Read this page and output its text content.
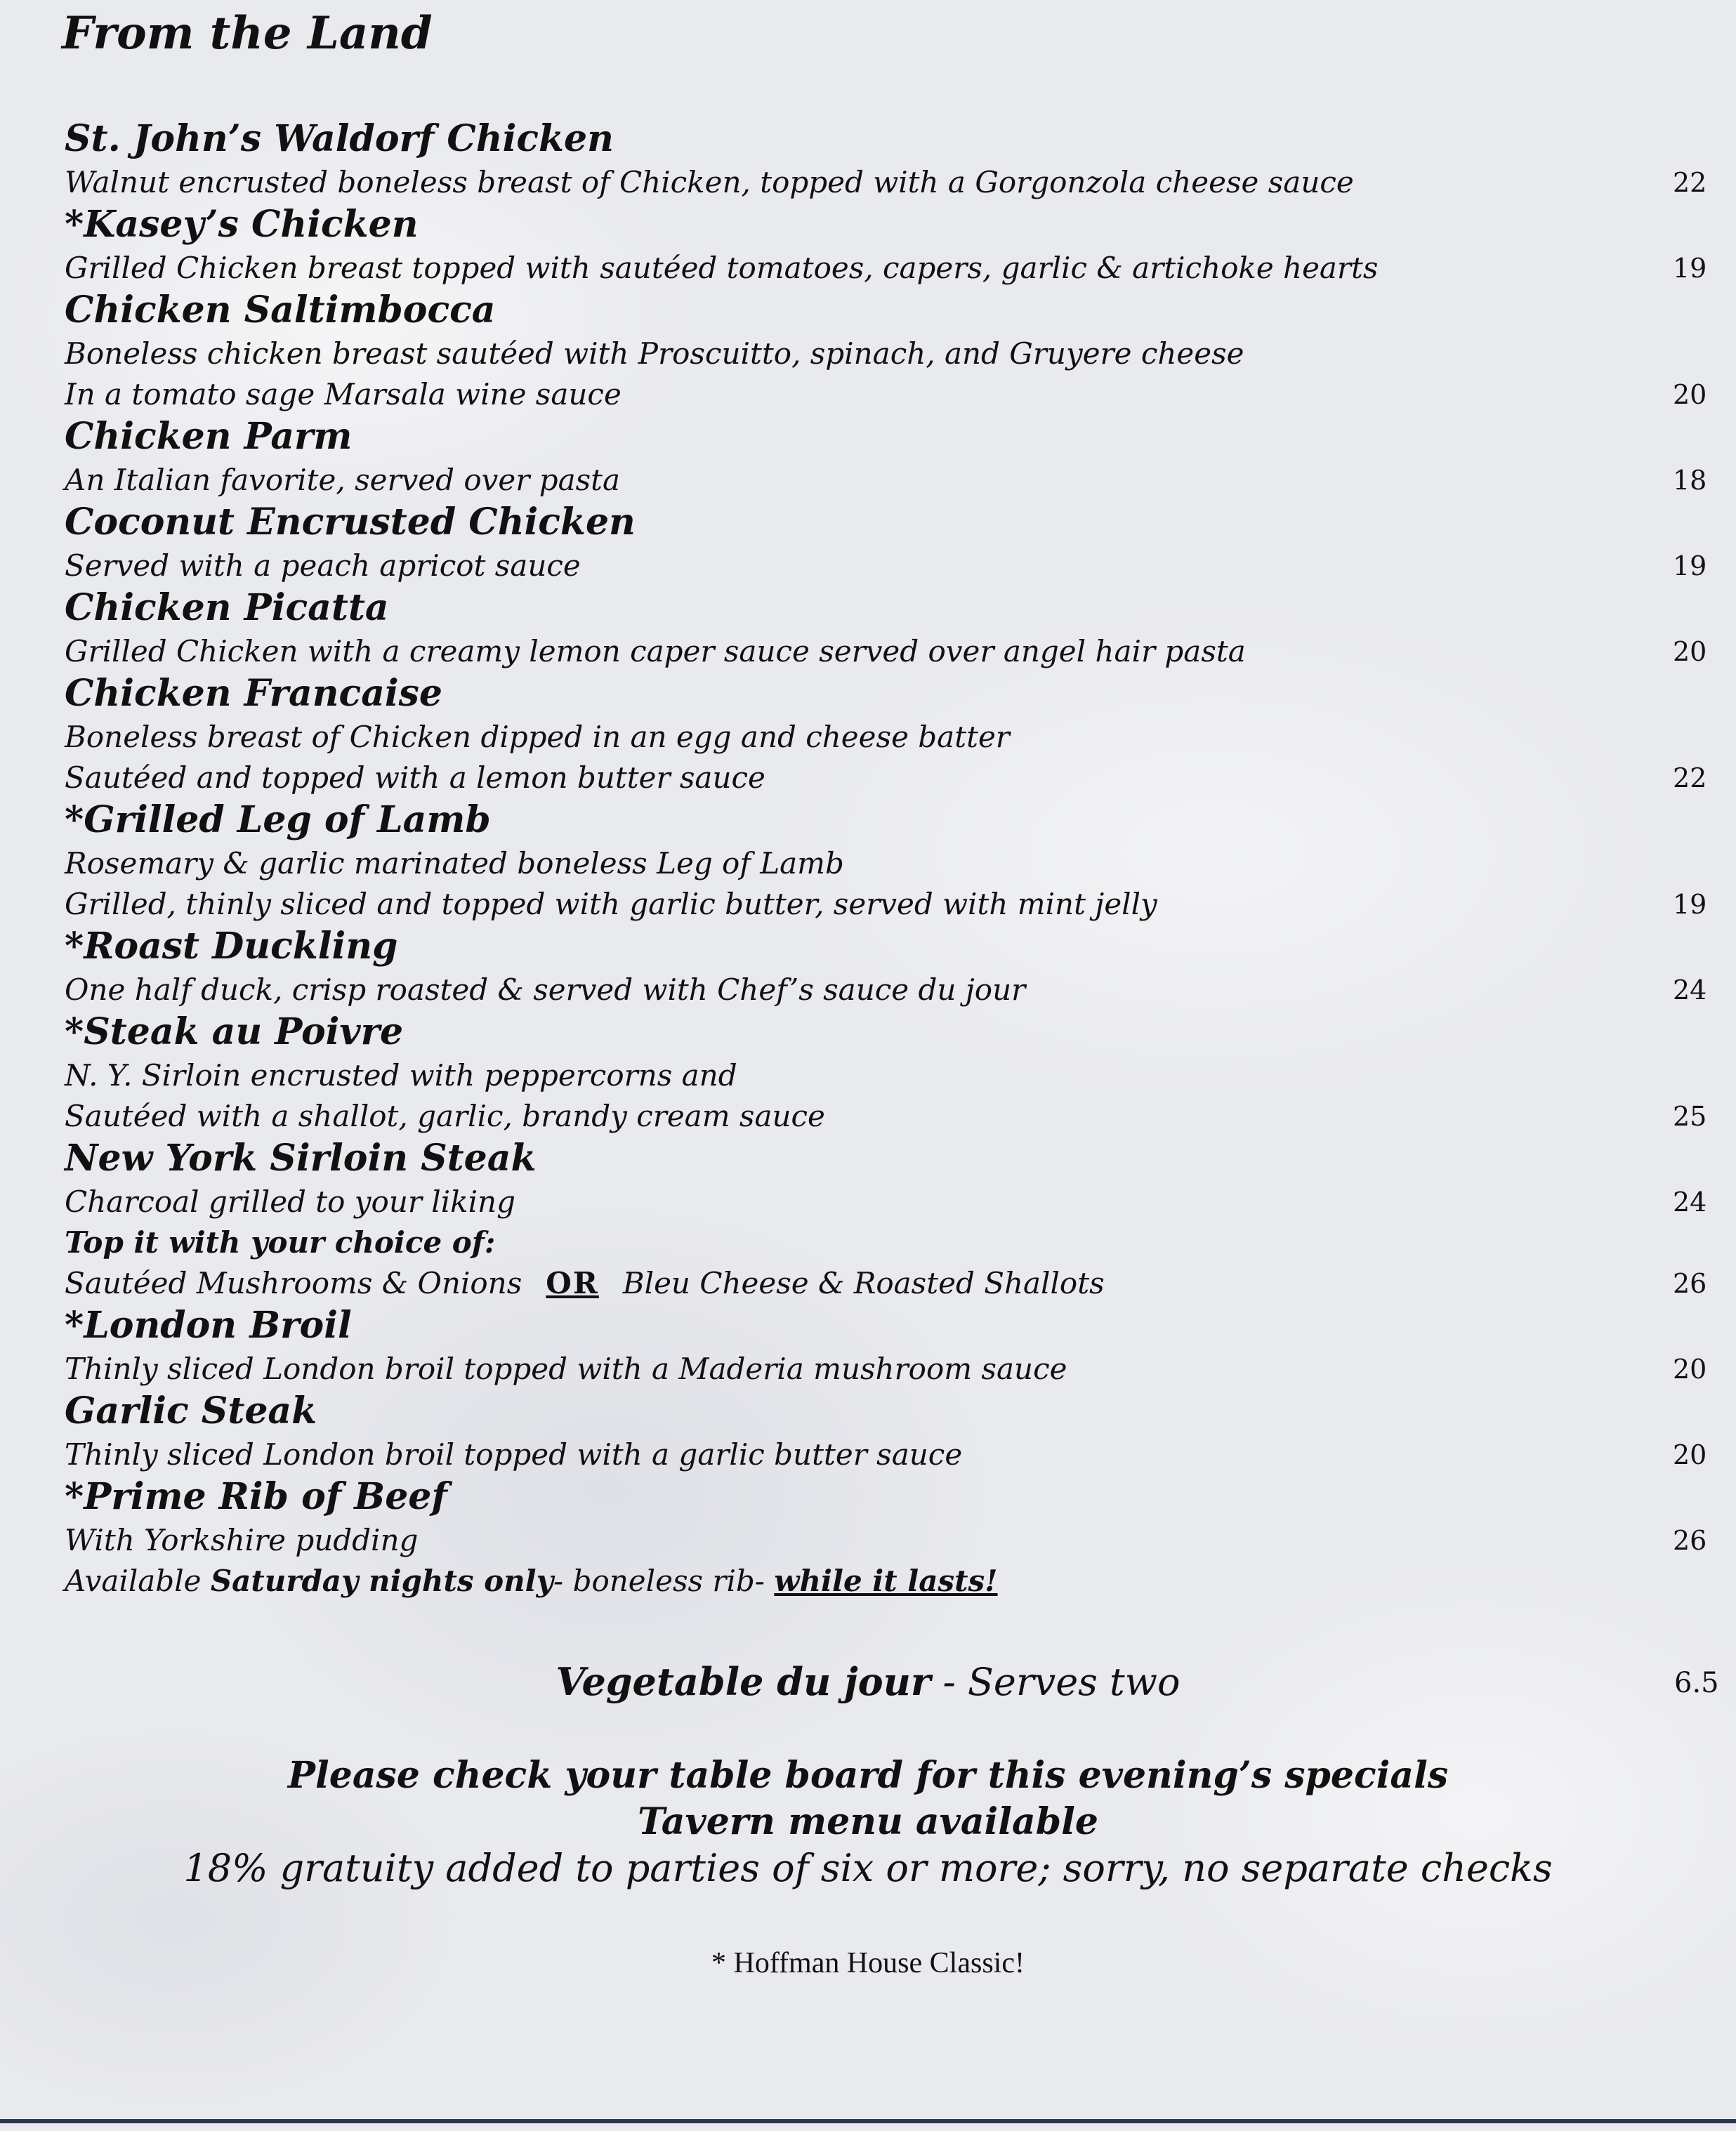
From the Land
St. John’s Waldorf Chicken
Walnut encrusted boneless breast of Chicken, topped with a Gorgonzola cheese sauce	22
*Kasey’s Chicken
Grilled Chicken breast topped with sautéed tomatoes, capers, garlic & artichoke hearts	19
Chicken Saltimbocca
Boneless chicken breast sautéed with Proscuitto, spinach, and Gruyere cheese
In a tomato sage Marsala wine sauce	20
Chicken Parm
An Italian favorite, served over pasta	18
Coconut Encrusted Chicken
Served with a peach apricot sauce	19
Chicken Picatta
Grilled Chicken with a creamy lemon caper sauce served over angel hair pasta	20
Chicken Francaise
Boneless breast of Chicken dipped in an egg and cheese batter
Sautéed and topped with a lemon butter sauce	22
*Grilled Leg of Lamb
Rosemary & garlic marinated boneless Leg of Lamb
Grilled, thinly sliced and topped with garlic butter, served with mint jelly	19
*Roast Duckling
One half duck, crisp roasted & served with Chef’s sauce du jour	24
*Steak au Poivre
N. Y. Sirloin encrusted with peppercorns and
Sautéed with a shallot, garlic, brandy cream sauce	25
New York Sirloin Steak
Charcoal grilled to your liking	24
Top it with your choice of:
Sautéed Mushrooms & Onions OR Bleu Cheese & Roasted Shallots	26
*London Broil
Thinly sliced London broil topped with a Maderia mushroom sauce	20
Garlic Steak
Thinly sliced London broil topped with a garlic butter sauce	20
*Prime Rib of Beef
With Yorkshire pudding	26
Available Saturday nights only- boneless rib- while it lasts!
Vegetable du jour - Serves two	6.5
Please check your table board for this evening’s specials
Tavern menu available
18% gratuity added to parties of six or more; sorry, no separate checks
* Hoffman House Classic!
